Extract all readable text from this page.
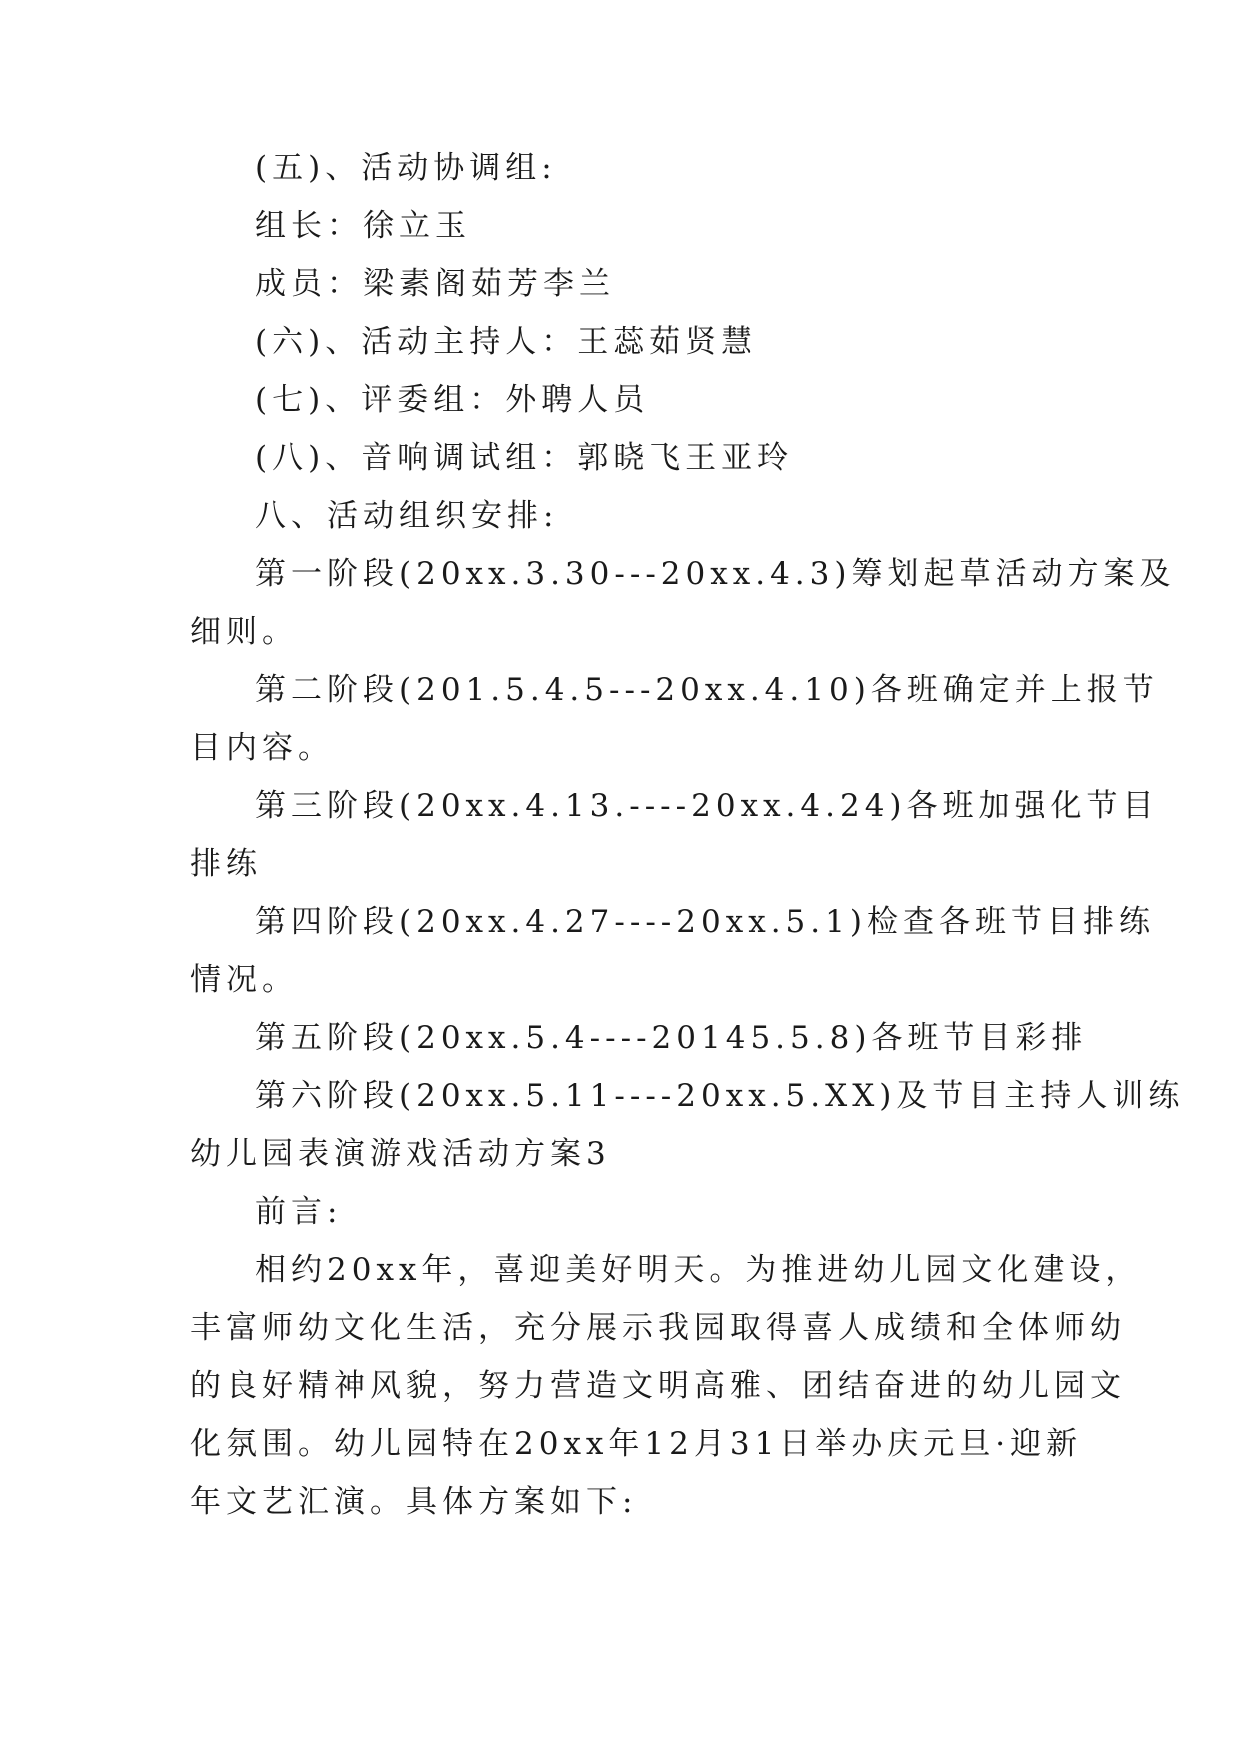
(五)、活动协调组:
组长：徐立玉
成员：梁素阁茹芳李兰
(六)、活动主持人：王蕊茹贤慧
(七)、评委组：外聘人员
(八)、音响调试组：郭晓飞王亚玲
八、活动组织安排:
第一阶段(20xx.3.30---20xx.4.3)筹划起草活动方案及
细则。
第二阶段(201.5.4.5---20xx.4.10)各班确定并上报节
目内容。
第三阶段(20xx.4.13.----20xx.4.24)各班加强化节目
排练
第四阶段(20xx.4.27----20xx.5.1)检查各班节目排练
情况。
第五阶段(20xx.5.4----20145.5.8)各班节目彩排
第六阶段(20xx.5.11----20xx.5.XX)及节目主持人训练
幼儿园表演游戏活动方案3
前言:
相约20xx年，喜迎美好明天。为推进幼儿园文化建设，
丰富师幼文化生活，充分展示我园取得喜人成绩和全体师幼
的良好精神风貌，努力营造文明高雅、团结奋进的幼儿园文
化氛围。幼儿园特在20xx年12月31日举办庆元旦·迎新
年文艺汇演。具体方案如下:
